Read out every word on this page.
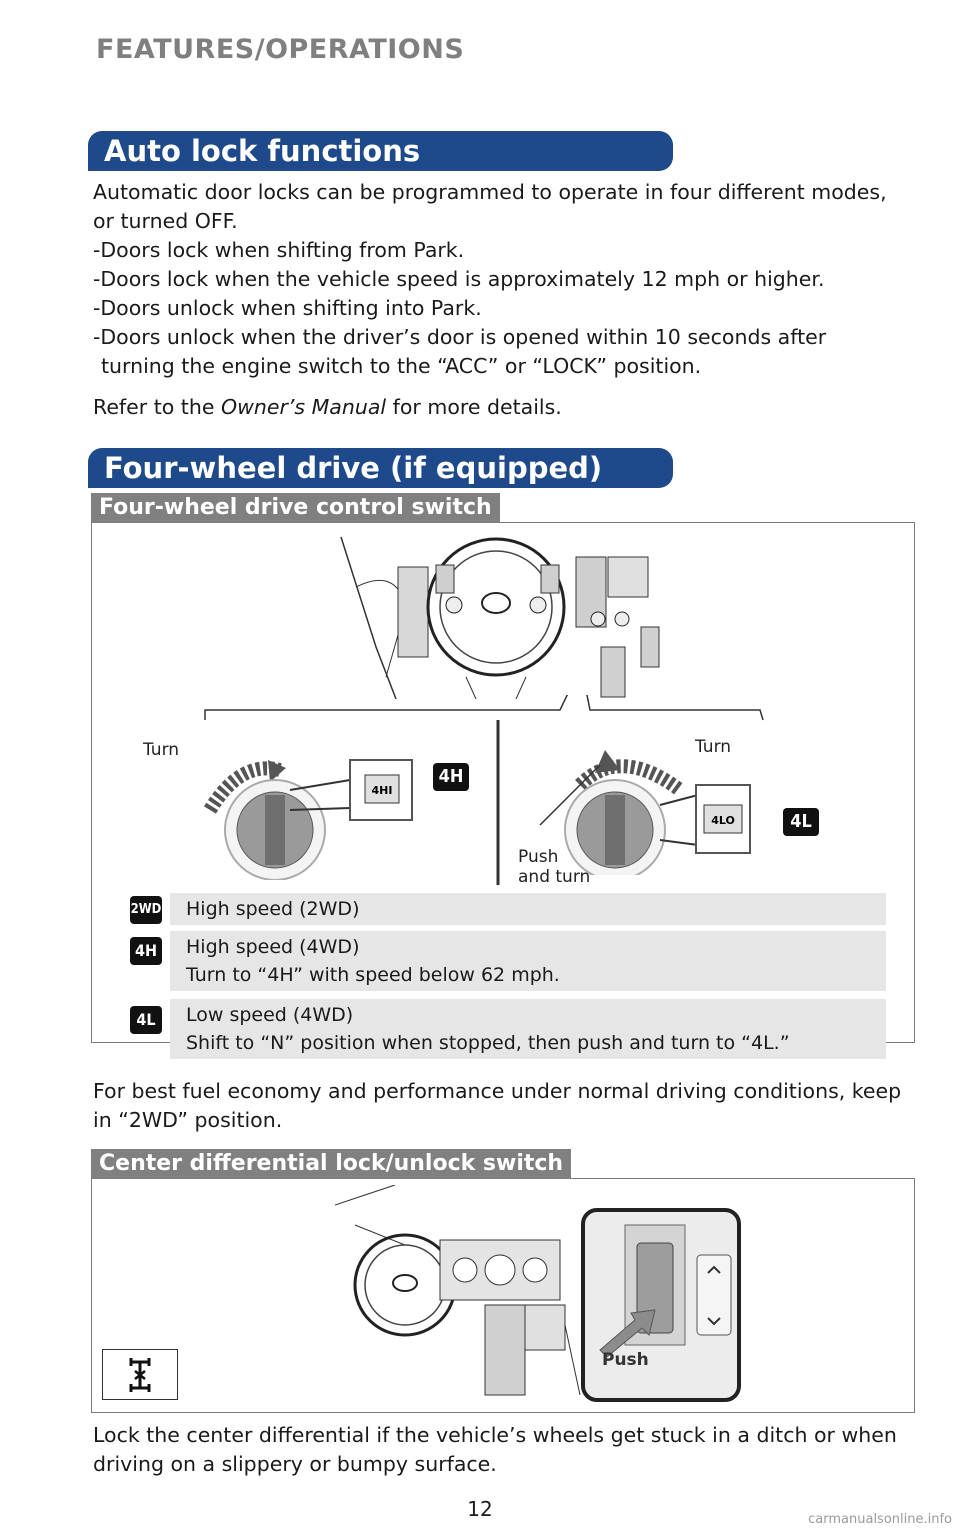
FEATURES/OPERATIONS
Auto lock functions

Automatic door locks can be programmed to operate in four different modes, or turned OFF.

-Doors lock when shifting from Park.

-Doors lock when the vehicle speed is approximately 12 mph or higher.

-Doors unlock when shifting into Park.

-Doors unlock when the driver’s door is opened within 10 seconds after

turning the engine switch to the “ACC” or “LOCK” position.

Refer to the Owner’s Manual for more details.

Four-wheel drive (if equipped)
Four-wheel drive control switch
Turn
4HI
4H
Turn
4LO	4L
Push
and turn
2WD	High speed (2WD)
4H High speed (4WD)
Turn to “4H” with speed below 62 mph.
4L	Low speed (4WD)
Shift to “N” position when stopped, then push and turn to “4L.”
For best fuel economy and performance under normal driving conditions, keep in “2WD” position.
Center differential lock/unlock switch
Push
Lock the center differential if the vehicle’s wheels get stuck in a ditch or when driving on a slippery or bumpy surface.
12	carmanualsonline.info
